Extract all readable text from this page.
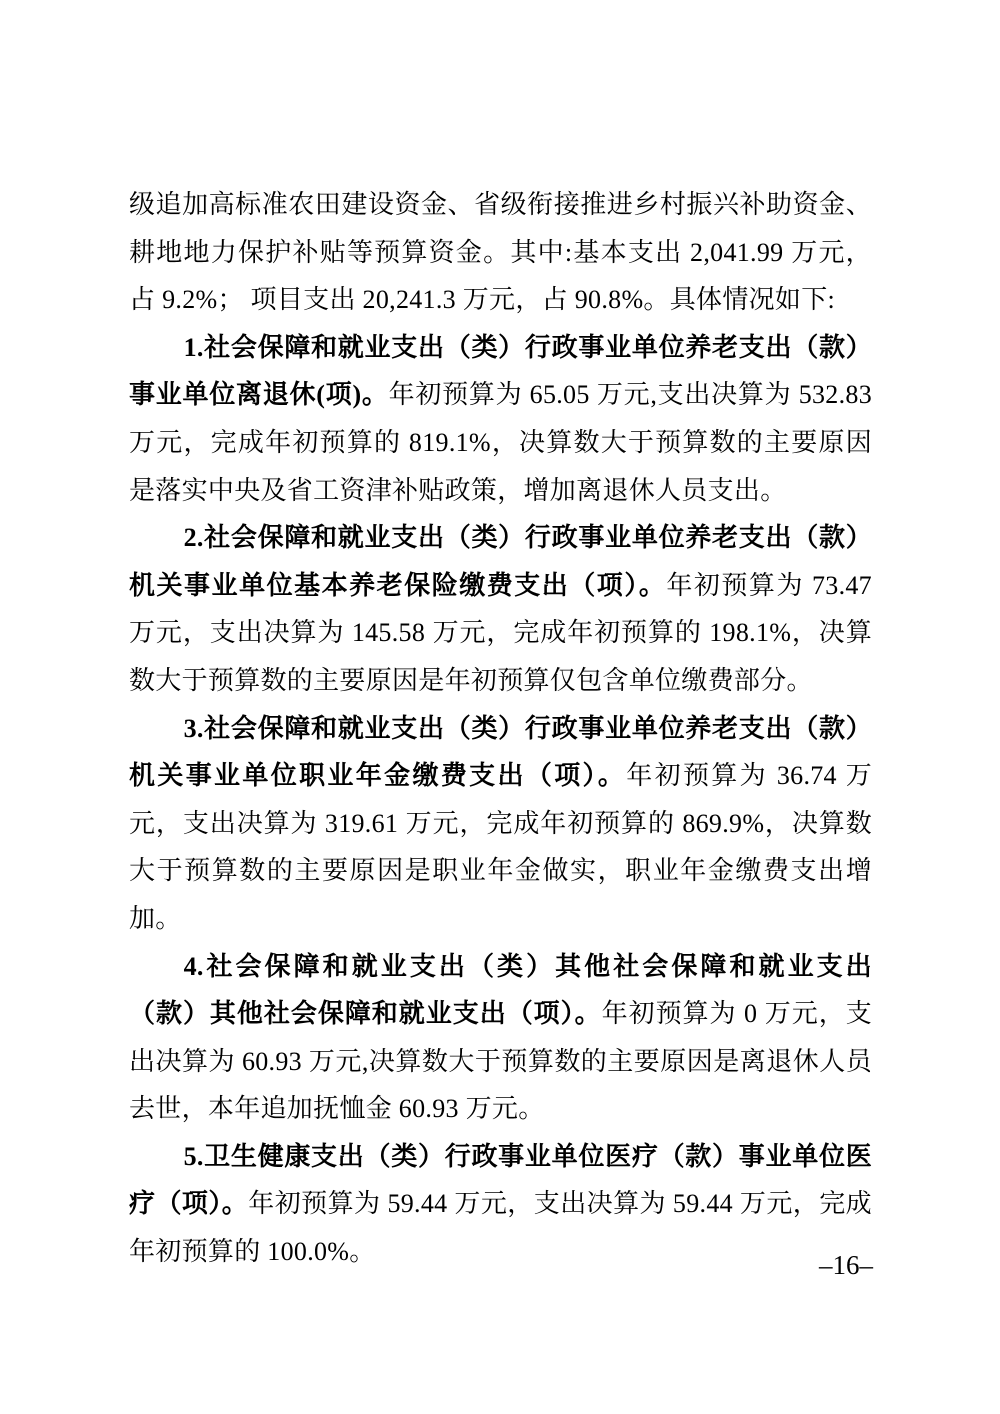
级追加高标准农田建设资金、省级衔接推进乡村振兴补助资金、耕地地力保护补贴等预算资金。其中:基本支出 2,041.99 万元，占 9.2%； 项目支出 20,241.3 万元，占 90.8%。具体情况如下:

1.社会保障和就业支出（类）行政事业单位养老支出（款）事业单位离退休(项)。年初预算为 65.05 万元,支出决算为 532.83 万元，完成年初预算的 819.1%，决算数大于预算数的主要原因是落实中央及省工资津补贴政策，增加离退休人员支出。

2.社会保障和就业支出（类）行政事业单位养老支出（款）机关事业单位基本养老保险缴费支出（项）。年初预算为 73.47 万元，支出决算为 145.58 万元，完成年初预算的 198.1%，决算数大于预算数的主要原因是年初预算仅包含单位缴费部分。

3.社会保障和就业支出（类）行政事业单位养老支出（款）机关事业单位职业年金缴费支出（项）。年初预算为 36.74 万元，支出决算为 319.61 万元，完成年初预算的 869.9%，决算数大于预算数的主要原因是职业年金做实，职业年金缴费支出增加。

4.社会保障和就业支出（类）其他社会保障和就业支出（款）其他社会保障和就业支出（项）。年初预算为 0 万元，支出决算为 60.93 万元,决算数大于预算数的主要原因是离退休人员去世，本年追加抚恤金 60.93 万元。

5.卫生健康支出（类）行政事业单位医疗（款）事业单位医疗（项）。年初预算为 59.44 万元，支出决算为 59.44 万元，完成年初预算的 100.0%。	–16–
